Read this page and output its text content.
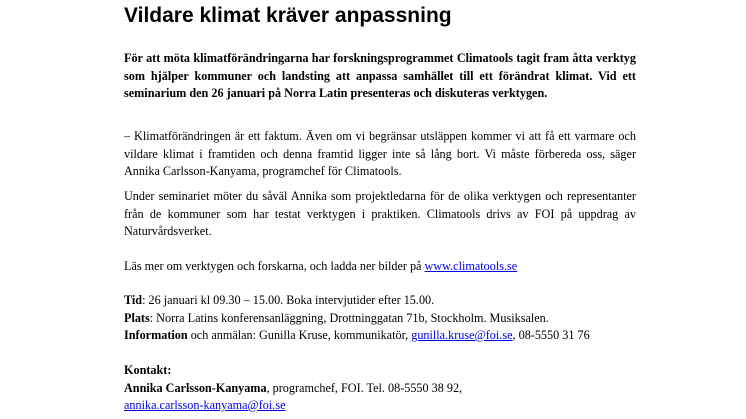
Vildare klimat kräver anpassning
För att möta klimatförändringarna har forskningsprogrammet Climatools tagit fram åtta verktyg som hjälper kommuner och landsting att anpassa samhället till ett förändrat klimat. Vid ett seminarium den 26 januari på Norra Latin presenteras och diskuteras verktygen.
– Klimatförändringen är ett faktum. Även om vi begränsar utsläppen kommer vi att få ett varmare och vildare klimat i framtiden och denna framtid ligger inte så lång bort. Vi måste förbereda oss, säger Annika Carlsson-Kanyama, programchef för Climatools.
Under seminariet möter du såväl Annika som projektledarna för de olika verktygen och representanter från de kommuner som har testat verktygen i praktiken. Climatools drivs av FOI på uppdrag av Naturvårdsverket.
Läs mer om verktygen och forskarna, och ladda ner bilder på www.climatools.se
Tid: 26 januari kl 09.30 – 15.00. Boka intervjutider efter 15.00.
Plats: Norra Latins konferensanläggning, Drottninggatan 71b, Stockholm. Musiksalen.
Information och anmälan: Gunilla Kruse, kommunikatör, gunilla.kruse@foi.se, 08-5550 31 76
Kontakt:
Annika Carlsson-Kanyama, programchef, FOI. Tel. 08-5550 38 92,
annika.carlsson-kanyama@foi.se
